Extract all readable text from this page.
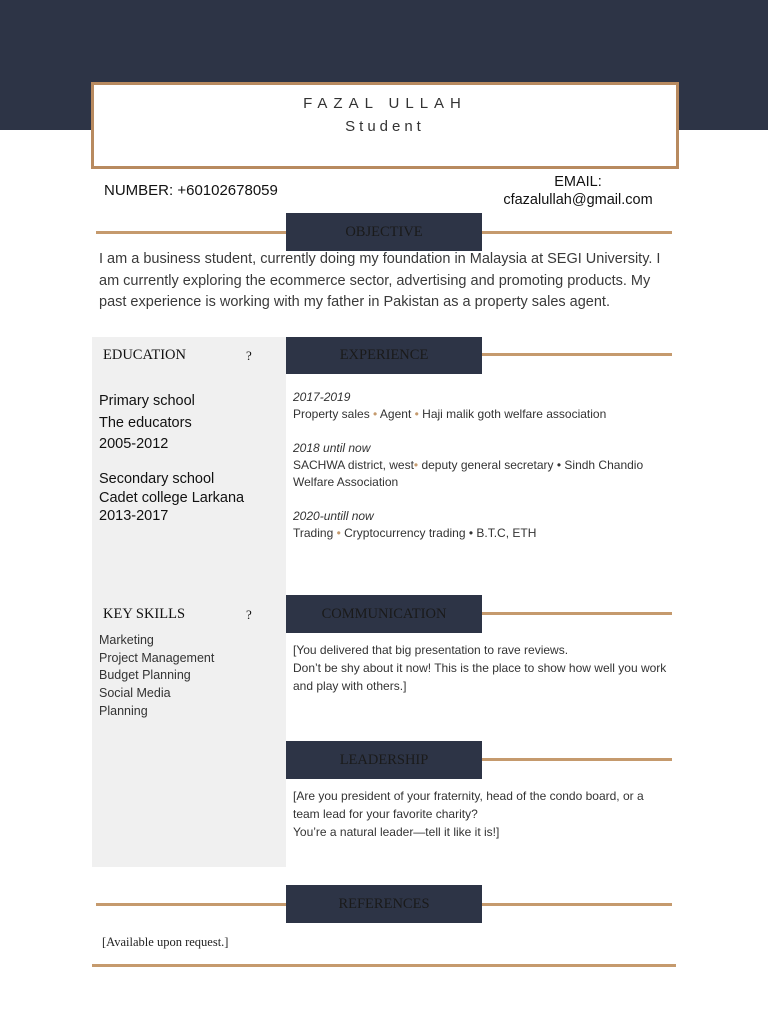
FAZAL ULLAH
Student
NUMBER: +60102678059	EMAIL:
cfazalullah@gmail.com
OBJECTIVE
I am a business student, currently doing my foundation in Malaysia at SEGI University. I am currently exploring the ecommerce sector, advertising and promoting products. My past experience is working with my father in Pakistan as a property sales agent.
EDUCATION	?
Primary school
The educators
2005-2012
Secondary school
Cadet college Larkana
2013-2017
EXPERIENCE
2017-2019
Property sales • Agent • Haji malik goth welfare association
2018 until now
SACHWA district, west• deputy general secretary • Sindh Chandio
Welfare Association
2020-untill now
Trading • Cryptocurrency trading • B.T.C, ETH
KEY SKILLS	?
Marketing
Project Management
Budget Planning
Social Media
Planning
COMMUNICATION
[You delivered that big presentation to rave reviews.
Don’t be shy about it now! This is the place to show how well you work and play with others.]
LEADERSHIP
[Are you president of your fraternity, head of the condo board, or a team lead for your favorite charity?
You’re a natural leader—tell it like it is!]
REFERENCES
[Available upon request.]
